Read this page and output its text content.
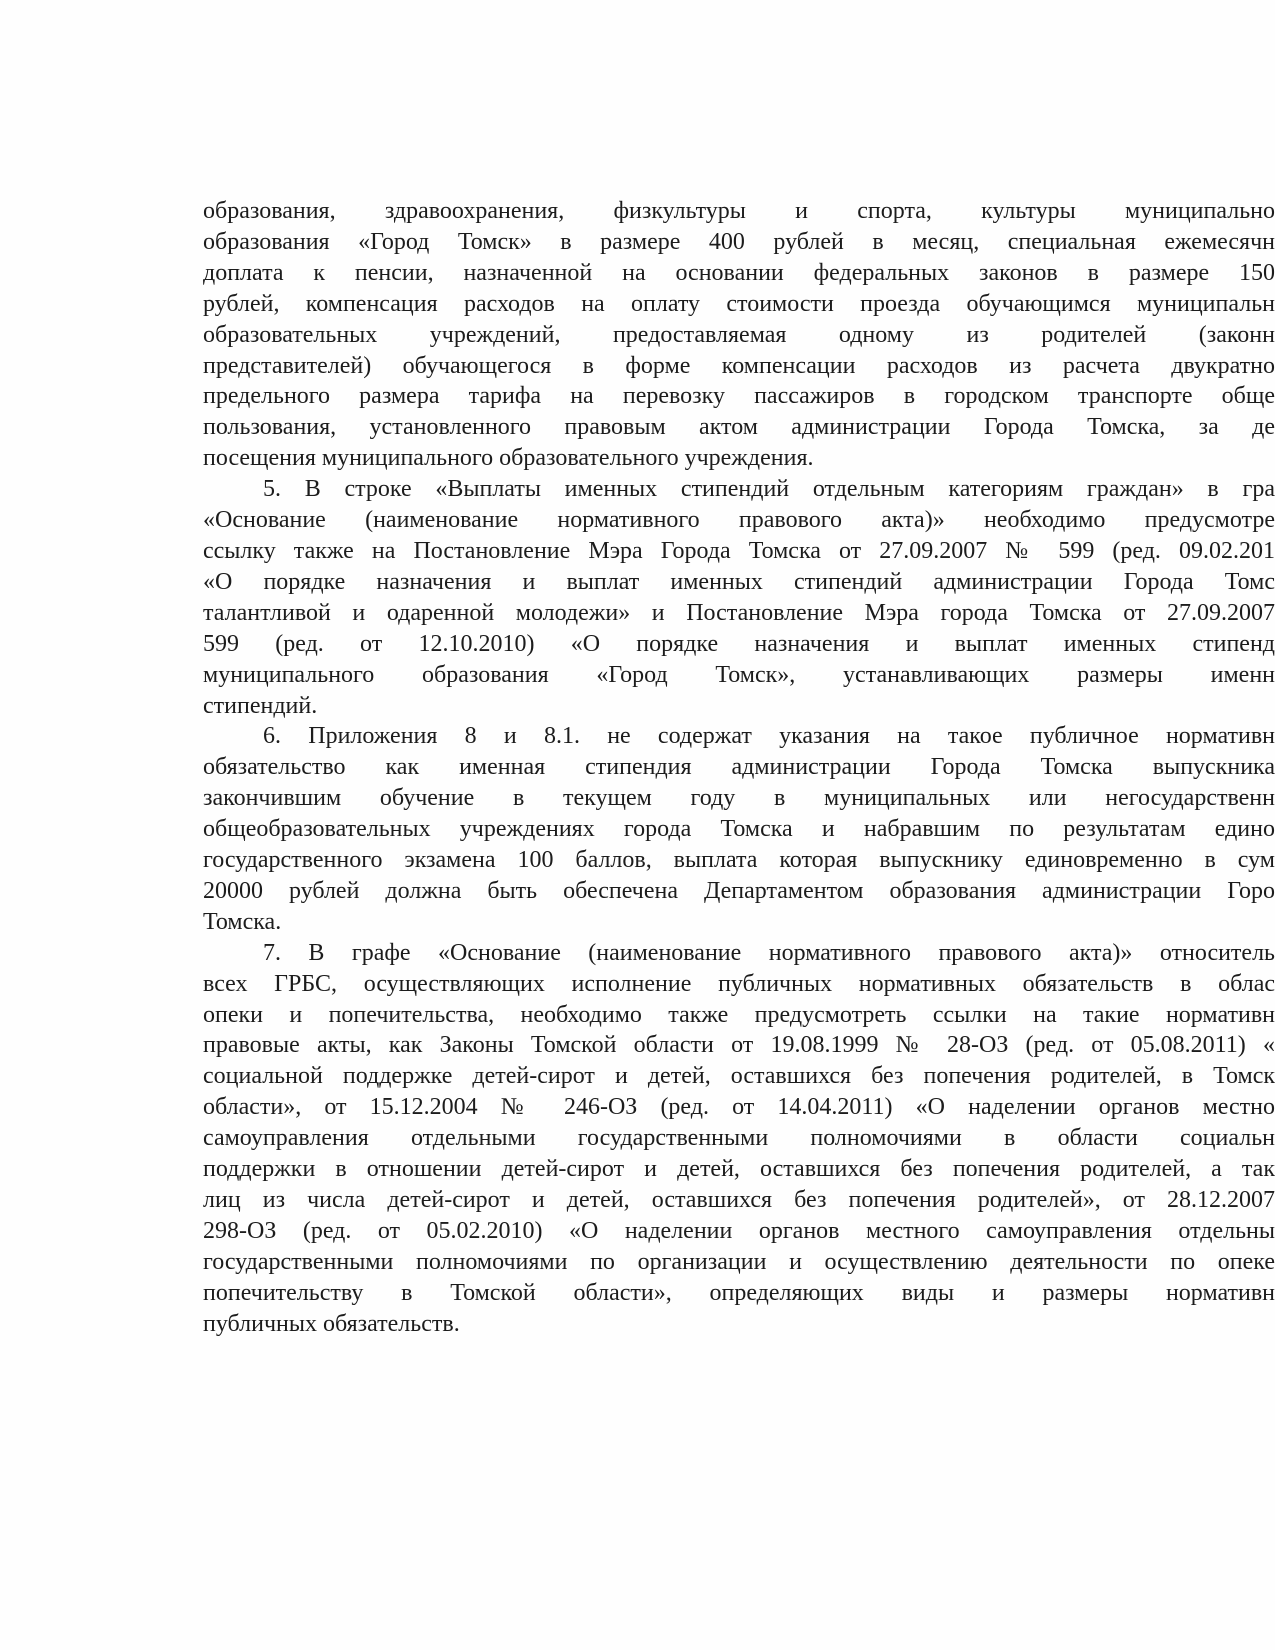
образования, здравоохранения, физкультуры и спорта, культуры муниципально
образования «Город Томск» в размере 400 рублей в месяц, специальная ежемесячн
доплата к пенсии, назначенной на основании федеральных законов в размере 150
рублей, компенсация расходов на оплату стоимости проезда обучающимся муниципальн
образовательных учреждений, предоставляемая одному из родителей (законн
представителей) обучающегося в форме компенсации расходов из расчета двукратно
предельного размера тарифа на перевозку пассажиров в городском транспорте обще
пользования, установленного правовым актом администрации Города Томска, за де
посещения муниципального образовательного учреждения.
5. В строке «Выплаты именных стипендий отдельным категориям граждан» в гра
«Основание (наименование нормативного правового акта)» необходимо предусмотре
ссылку также на Постановление Мэра Города Томска от 27.09.2007 № 599 (ред. 09.02.201
«О порядке назначения и выплат именных стипендий администрации Города Томс
талантливой и одаренной молодежи» и Постановление Мэра города Томска от 27.09.2007
599 (ред. от 12.10.2010) «О порядке назначения и выплат именных стипенд
муниципального образования «Город Томск», устанавливающих размеры именн
стипендий.
6. Приложения 8 и 8.1. не содержат указания на такое публичное нормативн
обязательство как именная стипендия администрации Города Томска выпускника
закончившим обучение в текущем году в муниципальных или негосударственн
общеобразовательных учреждениях города Томска и набравшим по результатам едино
государственного экзамена 100 баллов, выплата которая выпускнику единовременно в сум
20000 рублей должна быть обеспечена Департаментом образования администрации Горо
Томска.
7. В графе «Основание (наименование нормативного правового акта)» относитель
всех ГРБС, осуществляющих исполнение публичных нормативных обязательств в облас
опеки и попечительства, необходимо также предусмотреть ссылки на такие нормативн
правовые акты, как Законы Томской области от 19.08.1999 № 28-ОЗ (ред. от 05.08.2011) «
социальной поддержке детей-сирот и детей, оставшихся без попечения родителей, в Томск
области», от 15.12.2004 № 246-ОЗ (ред. от 14.04.2011) «О наделении органов местно
самоуправления отдельными государственными полномочиями в области социальн
поддержки в отношении детей-сирот и детей, оставшихся без попечения родителей, а так
лиц из числа детей-сирот и детей, оставшихся без попечения родителей», от 28.12.2007
298-ОЗ (ред. от 05.02.2010) «О наделении органов местного самоуправления отдельны
государственными полномочиями по организации и осуществлению деятельности по опеке
попечительству в Томской области», определяющих виды и размеры нормативн
публичных обязательств.
